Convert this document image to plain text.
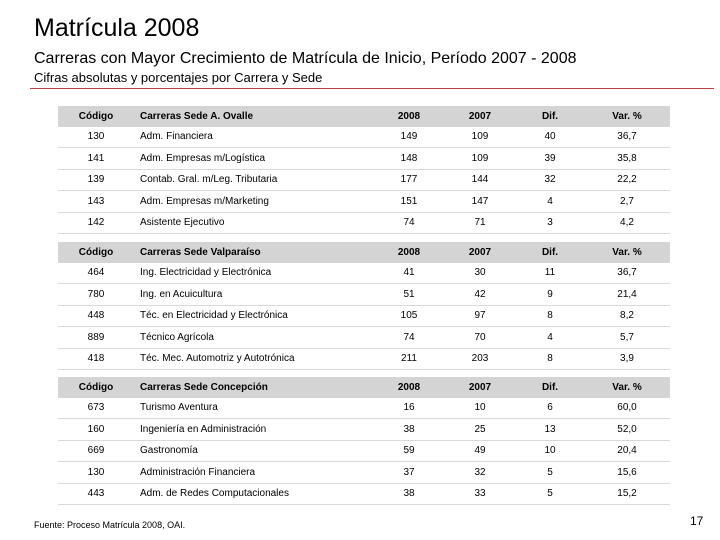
Matrícula 2008
Carreras con Mayor Crecimiento de Matrícula de Inicio, Período 2007 - 2008
Cifras absolutas y porcentajes por Carrera y Sede
Código	Carreras Sede A. Ovalle	2008	2007	Dif.	Var. %
130	Adm. Financiera	149	109	40	36,7
141	Adm. Empresas m/Logística	148	109	39	35,8
139	Contab. Gral. m/Leg. Tributaria	177	144	32	22,2
143	Adm. Empresas m/Marketing	151	147	4	2,7
142	Asistente Ejecutivo	74	71	3	4,2
Código	Carreras Sede Valparaíso	2008	2007	Dif.	Var. %
464	Ing. Electricidad y Electrónica	41	30	11	36,7
780	Ing. en Acuicultura	51	42	9	21,4
448	Téc. en Electricidad y Electrónica	105	97	8	8,2
889	Técnico Agrícola	74	70	4	5,7
418	Téc. Mec. Automotriz y Autotrónica	211	203	8	3,9
Código	Carreras Sede Concepción	2008	2007	Dif.	Var. %
673	Turismo Aventura	16	10	6	60,0
160	Ingeniería en Administración	38	25	13	52,0
669	Gastronomía	59	49	10	20,4
130	Administración Financiera	37	32	5	15,6
443	Adm. de Redes Computacionales	38	33	5	15,2
Fuente: Proceso Matrícula 2008, OAI.	17
